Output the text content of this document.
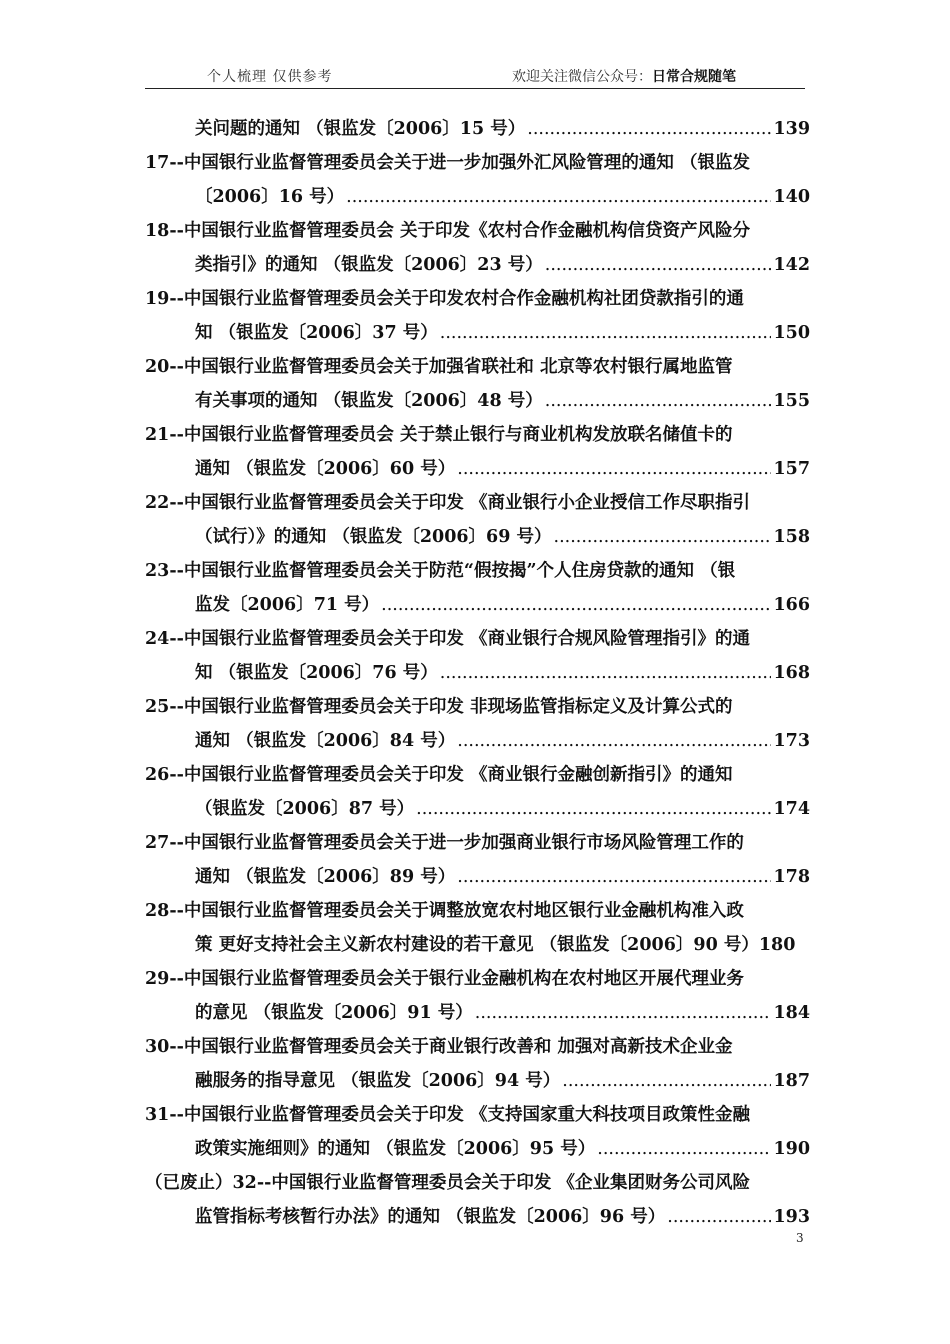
个人梳理 仅供参考	欢迎关注微信公众号：日常合规随笔
关问题的通知 （银监发〔2006〕15 号） .....	139
17--中国银行业监督管理委员会关于进一步加强外汇风险管理的通知 （银监发
〔2006〕16 号） .....	140
18--中国银行业监督管理委员会 关于印发《农村合作金融机构信贷资产风险分
类指引》的通知 （银监发〔2006〕23 号） .....	142
19--中国银行业监督管理委员会关于印发农村合作金融机构社团贷款指引的通
知 （银监发〔2006〕37 号） .....	150
20--中国银行业监督管理委员会关于加强省联社和 北京等农村银行属地监管
有关事项的通知 （银监发〔2006〕48 号） .....	155
21--中国银行业监督管理委员会 关于禁止银行与商业机构发放联名储值卡的
通知 （银监发〔2006〕60 号） .....	157
22--中国银行业监督管理委员会关于印发 《商业银行小企业授信工作尽职指引
（试行）》的通知 （银监发〔2006〕69 号） .....	158
23--中国银行业监督管理委员会关于防范“假按揭”个人住房贷款的通知 （银
监发〔2006〕71 号） .....	166
24--中国银行业监督管理委员会关于印发 《商业银行合规风险管理指引》的通
知 （银监发〔2006〕76 号） .....	168
25--中国银行业监督管理委员会关于印发 非现场监管指标定义及计算公式的
通知 （银监发〔2006〕84 号） .....	173
26--中国银行业监督管理委员会关于印发 《商业银行金融创新指引》的通知
（银监发〔2006〕87 号） .....	174
27--中国银行业监督管理委员会关于进一步加强商业银行市场风险管理工作的
通知 （银监发〔2006〕89 号） .....	178
28--中国银行业监督管理委员会关于调整放宽农村地区银行业金融机构准入政
策 更好支持社会主义新农村建设的若干意见 （银监发〔2006〕90 号） 180
29--中国银行业监督管理委员会关于银行业金融机构在农村地区开展代理业务
的意见 （银监发〔2006〕91 号） .....	184
30--中国银行业监督管理委员会关于商业银行改善和 加强对高新技术企业金
融服务的指导意见 （银监发〔2006〕94 号） .....	187
31--中国银行业监督管理委员会关于印发 《支持国家重大科技项目政策性金融
政策实施细则》的通知 （银监发〔2006〕95 号） .....	190
（已废止）32--中国银行业监督管理委员会关于印发 《企业集团财务公司风险
监管指标考核暂行办法》的通知 （银监发〔2006〕96 号） .....	193
3
